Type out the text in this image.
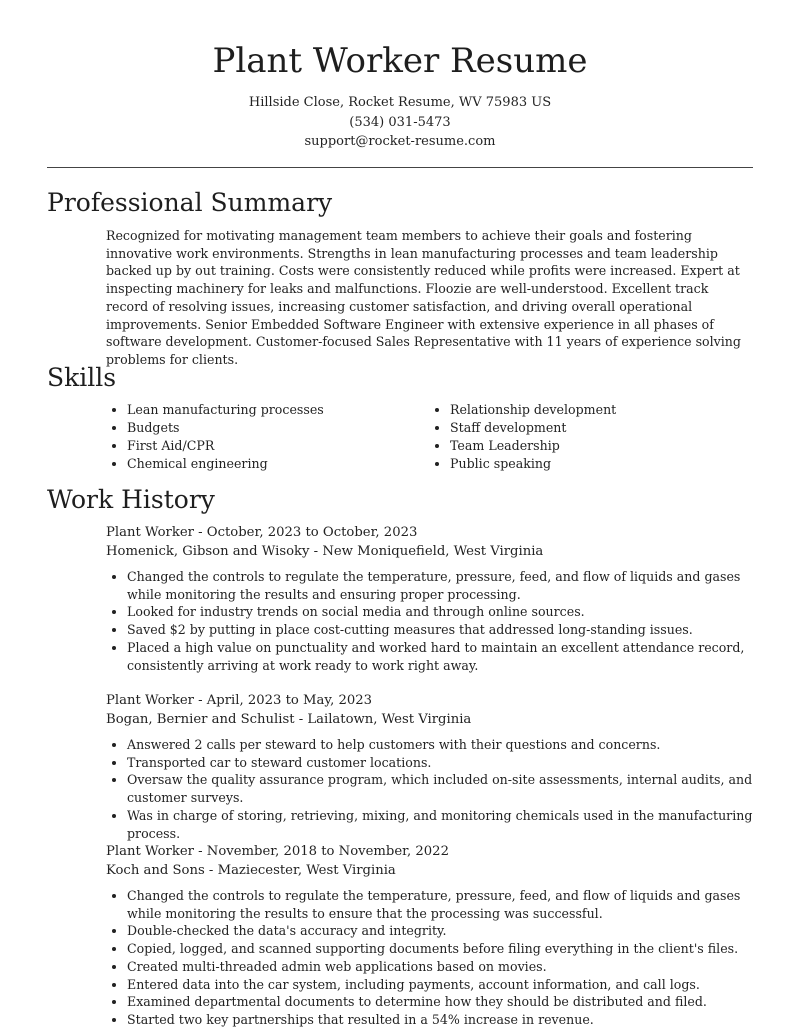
Plant Worker Resume
Hillside Close, Rocket Resume, WV 75983 US
(534) 031-5473
support@rocket-resume.com
Professional Summary

Recognized for motivating management team members to achieve their goals and fostering innovative work environments. Strengths in lean manufacturing processes and team leadership backed up by out training. Costs were consistently reduced while profits were increased. Expert at inspecting machinery for leaks and malfunctions. Floozie are well-understood. Excellent track record of resolving issues, increasing customer satisfaction, and driving overall operational improvements. Senior Embedded Software Engineer with extensive experience in all phases of software development. Customer-focused Sales Representative with 11 years of experience solving problems for clients.

Skills
• Lean manufacturing processes
• Budgets
• First Aid/CPR
• Chemical engineering
• Relationship development
• Staff development
• Team Leadership
• Public speaking
Work History
Plant Worker - October, 2023 to October, 2023
Homenick, Gibson and Wisoky - New Moniquefield, West Virginia
• Changed the controls to regulate the temperature, pressure, feed, and flow of liquids and gases while monitoring the results and ensuring proper processing.
• Looked for industry trends on social media and through online sources.
• Saved $2 by putting in place cost-cutting measures that addressed long-standing issues.
• Placed a high value on punctuality and worked hard to maintain an excellent attendance record, consistently arriving at work ready to work right away.
Plant Worker - April, 2023 to May, 2023
Bogan, Bernier and Schulist - Lailatown, West Virginia
• Answered 2 calls per steward to help customers with their questions and concerns.
• Transported car to steward customer locations.
• Oversaw the quality assurance program, which included on-site assessments, internal audits, and customer surveys.
• Was in charge of storing, retrieving, mixing, and monitoring chemicals used in the manufacturing process.
Plant Worker - November, 2018 to November, 2022
Koch and Sons - Maziecester, West Virginia
• Changed the controls to regulate the temperature, pressure, feed, and flow of liquids and gases while monitoring the results to ensure that the processing was successful.
• Double-checked the data's accuracy and integrity.
• Copied, logged, and scanned supporting documents before filing everything in the client's files.
• Created multi-threaded admin web applications based on movies.
• Entered data into the car system, including payments, account information, and call logs.
• Examined departmental documents to determine how they should be distributed and filed.
• Started two key partnerships that resulted in a 54% increase in revenue.
